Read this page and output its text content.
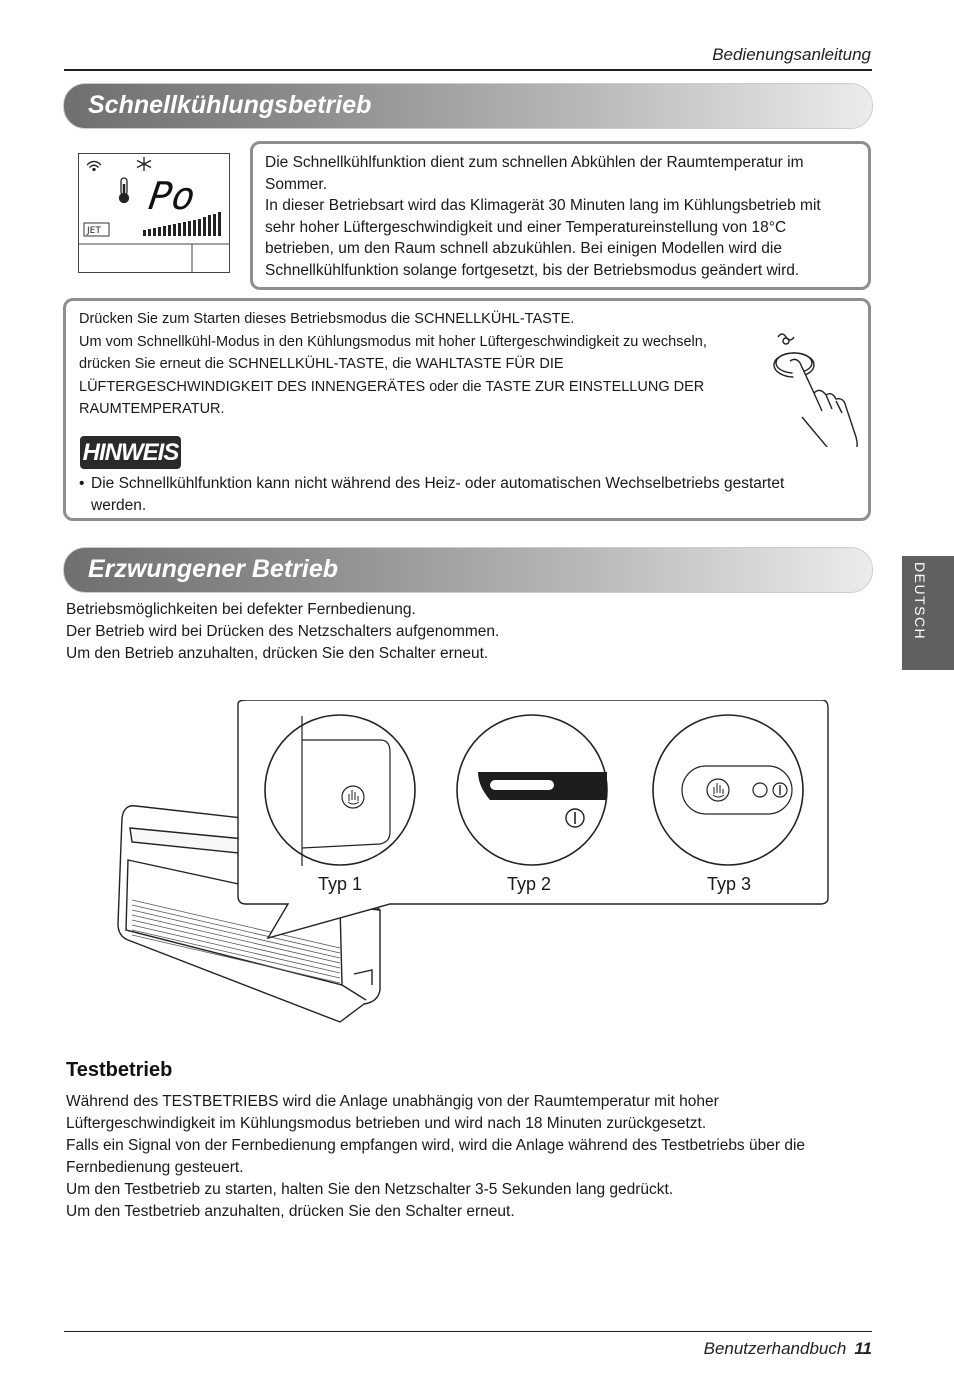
Bedienungsanleitung
Schnellkühlungsbetrieb
Po
JET
Die Schnellkühlfunktion dient zum schnellen Abkühlen der Raumtemperatur im
Sommer.
In dieser Betriebsart wird das Klimagerät 30 Minuten lang im Kühlungsbetrieb mit
sehr hoher Lüftergeschwindigkeit und einer Temperatureinstellung von 18°C
betrieben, um den Raum schnell abzukühlen. Bei einigen Modellen wird die
Schnellkühlfunktion solange fortgesetzt, bis der Betriebsmodus geändert wird.
Drücken Sie zum Starten dieses Betriebsmodus die SCHNELLKÜHL-TASTE.
Um vom Schnellkühl-Modus in den Kühlungsmodus mit hoher Lüftergeschwindigkeit zu wechseln,
drücken Sie erneut die SCHNELLKÜHL-TASTE, die WAHLTASTE FÜR DIE
LÜFTERGESCHWINDIGKEIT DES INNENGERÄTES oder die TASTE ZUR EINSTELLUNG DER
RAUMTEMPERATUR.
HINWEIS
• Die Schnellkühlfunktion kann nicht während des Heiz- oder automatischen Wechselbetriebs gestartet
werden.
Erzwungener Betrieb	DEUTSCH
Betriebsmöglichkeiten bei defekter Fernbedienung.
Der Betrieb wird bei Drücken des Netzschalters aufgenommen.
Um den Betrieb anzuhalten, drücken Sie den Schalter erneut.
Typ 1	Typ 2	Typ 3
Testbetrieb
Während des TESTBETRIEBS wird die Anlage unabhängig von der Raumtemperatur mit hoher
Lüftergeschwindigkeit im Kühlungsmodus betrieben und wird nach 18 Minuten zurückgesetzt.
Falls ein Signal von der Fernbedienung empfangen wird, wird die Anlage während des Testbetriebs über die
Fernbedienung gesteuert.
Um den Testbetrieb zu starten, halten Sie den Netzschalter 3-5 Sekunden lang gedrückt.
Um den Testbetrieb anzuhalten, drücken Sie den Schalter erneut.
Benutzerhandbuch 11
